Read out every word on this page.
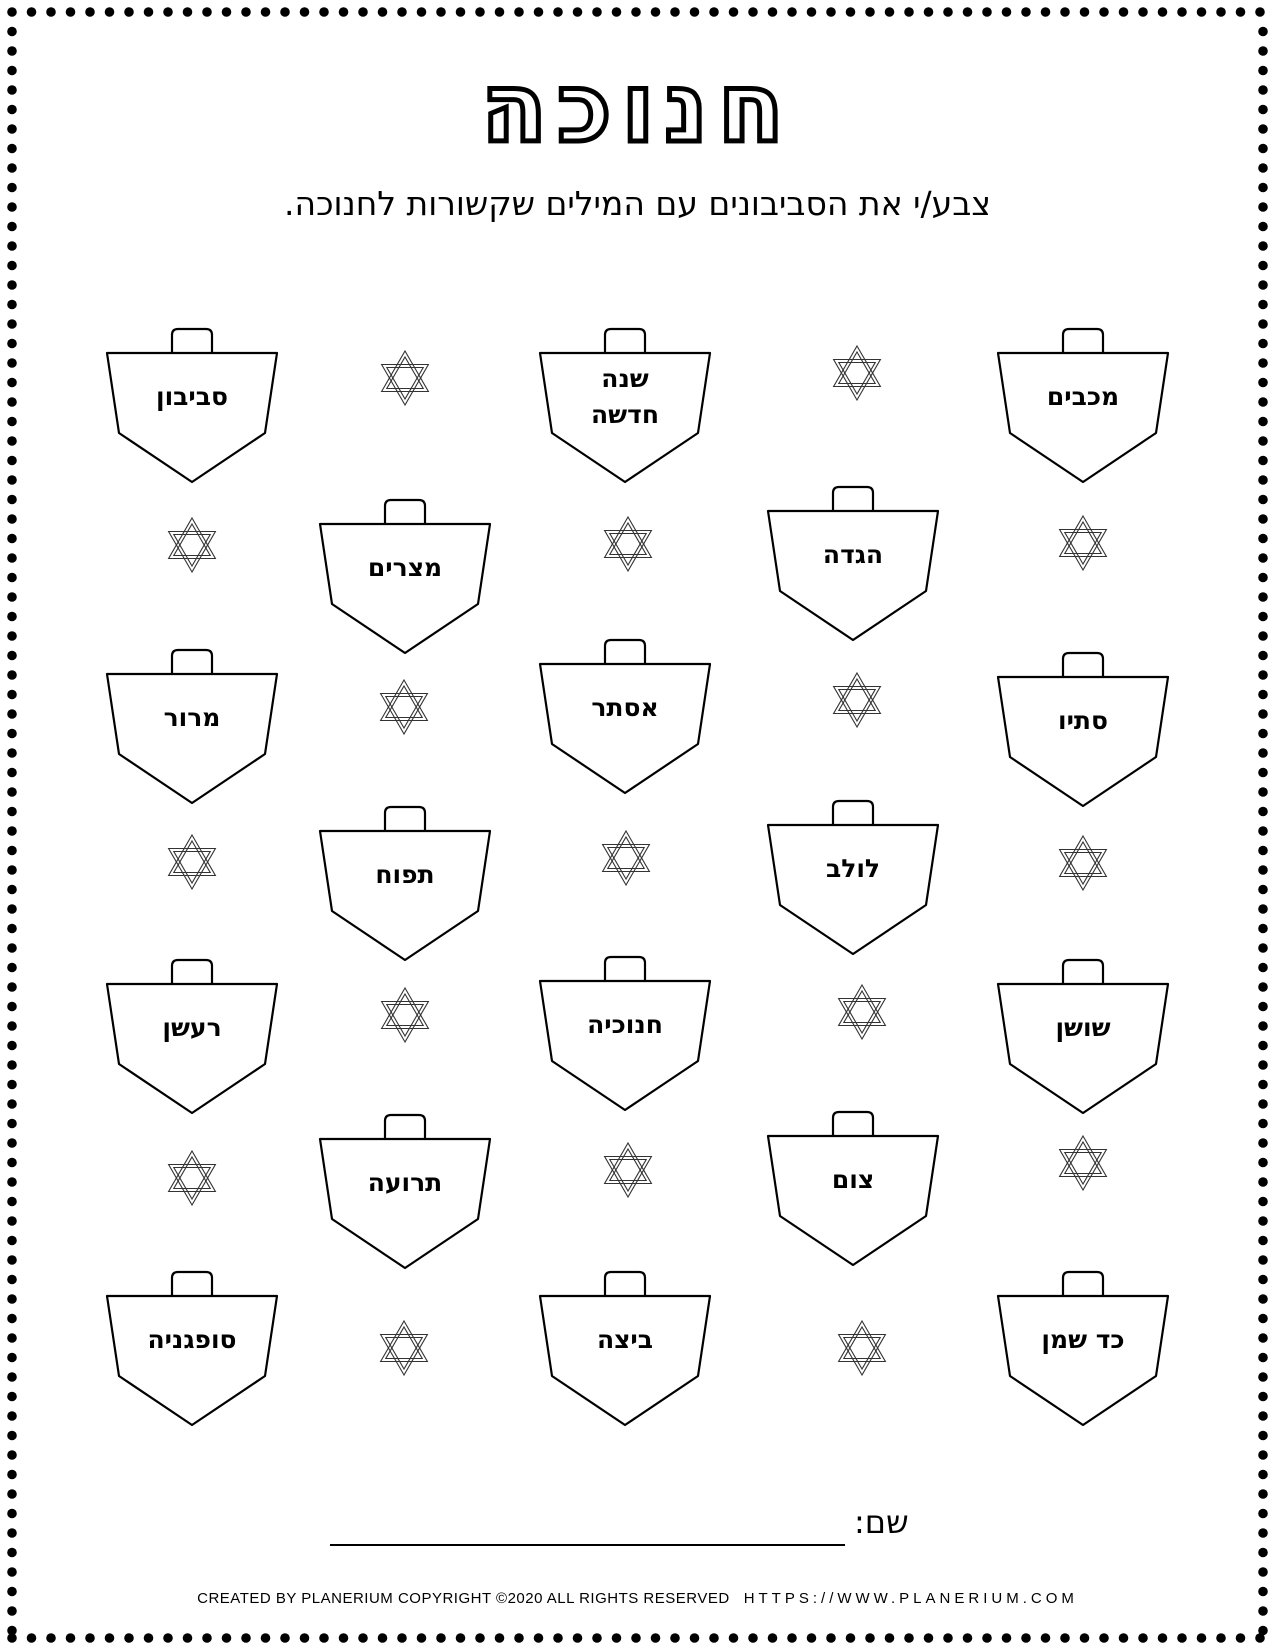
חנוכה
צבע/י את הסביבונים עם המילים שקשורות לחנוכה.
מכבים
שנה
חדשה
סביבון
הגדה
מצרים
סתיו
אסתר
מרור
לולב
תפוח
שושן
חנוכיה
רעשן
צום
תרועה
כד שמן
ביצה
סופגניה
שם:
CREATED BY PLANERIUM COPYRIGHT ©2020 ALL RIGHTS RESERVED HTTPS://WWW.PLANERIUM.COM
